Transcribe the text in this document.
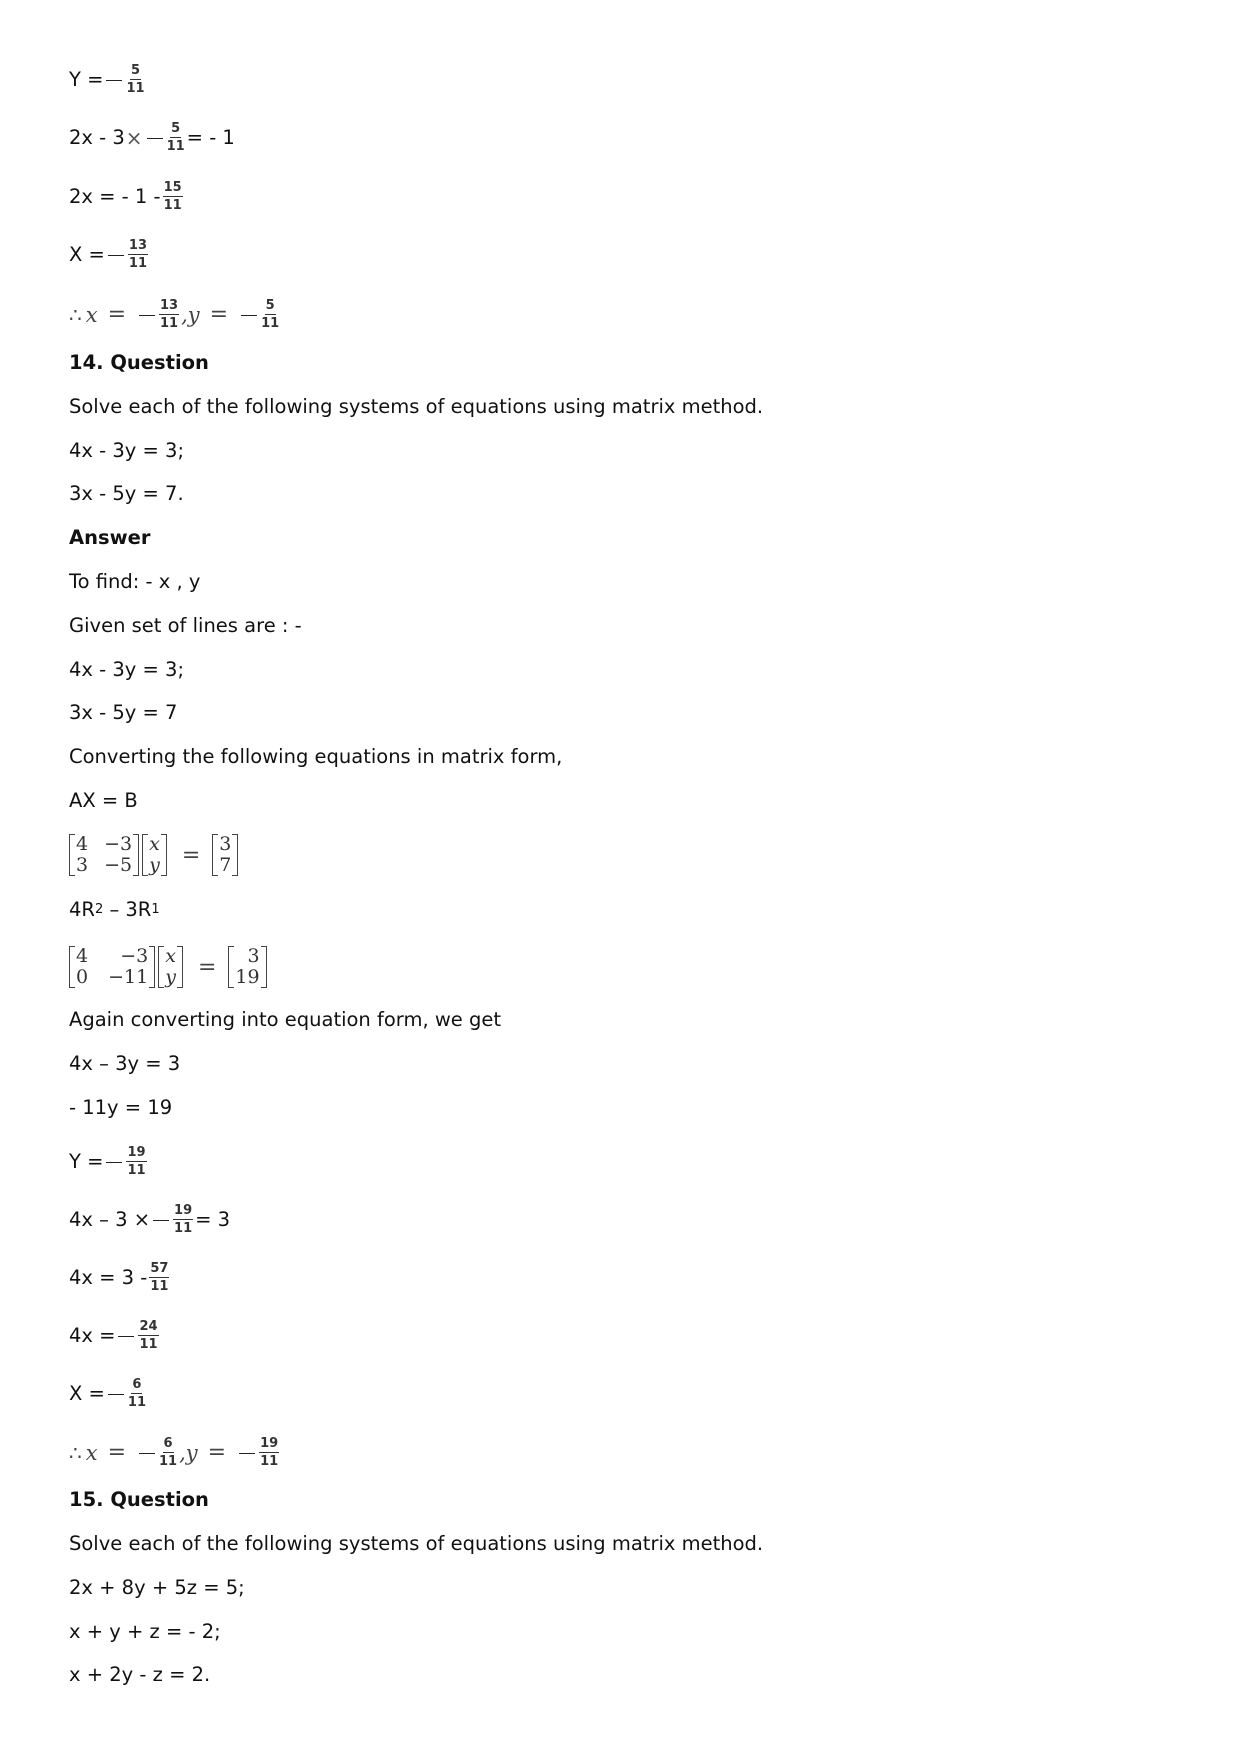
$Y = \frac{5}{11}$
$2x - 3 \times \frac{5}{11}$ = - 1
2x = - $1 - \frac{15}{11}$
$X = \frac{13}{11}$
∴ x =	$\frac{13}{11}$ , y =	$\frac{5}{11}$
14. Question
Solve each of the following systems of equations using matrix method.
4x - 3y = 3;
3x - 5y = 7.
Answer
To find: - x , y
Given set of lines are : -
4x - 3y = 3;
3x - 5y = 7
Converting the following equations in matrix form,
AX = B
4 −3
3 −5
x
y = 3
7
4R 2 – 3R 1
4	−3
0 −11
x
y =	3
19
Again converting into equation form, we get
4x – 3y = 3
- 11y = 19
$Y = \frac{19}{11}$
$4x - 3 \times \frac{19}{11} = 3$
$4x = 3 - \frac{57}{11}$
$4x = \frac{24}{11}$
$X = \frac{6}{11}$
∴ x =	$\frac{6}{11}$ , y =	$\frac{19}{11}$
15. Question
Solve each of the following systems of equations using matrix method.
2x + 8y + 5z = 5;
x + y + z = - 2;
x + 2y - z = 2.
